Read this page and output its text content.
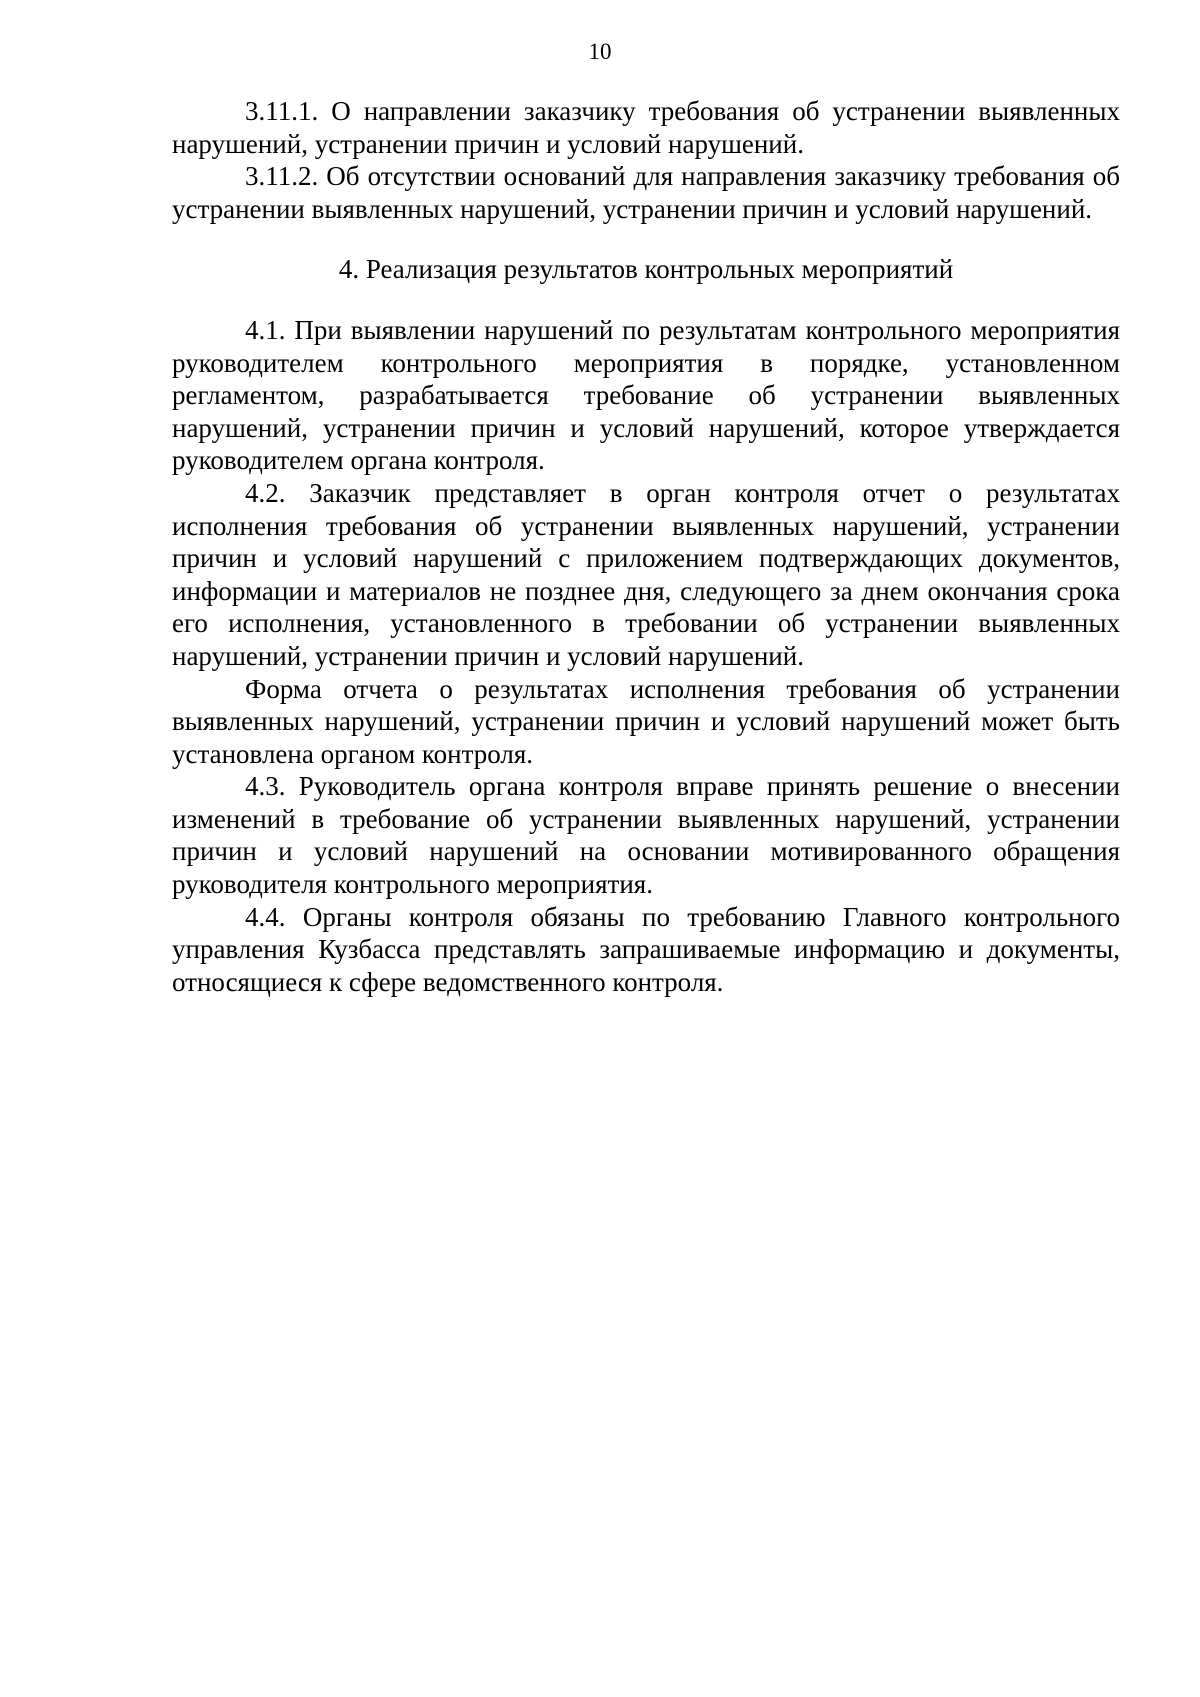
10

3.11.1. О направлении заказчику требования об устранении выявленных нарушений, устранении причин и условий нарушений.

3.11.2. Об отсутствии оснований для направления заказчику требования об устранении выявленных нарушений, устранении причин и условий нарушений.

4. Реализация результатов контрольных мероприятий

4.1. При выявлении нарушений по результатам контрольного мероприятия руководителем контрольного мероприятия в порядке, установленном регламентом, разрабатывается требование об устранении выявленных нарушений, устранении причин и условий нарушений, которое утверждается руководителем органа контроля.

4.2. Заказчик представляет в орган контроля отчет о результатах исполнения требования об устранении выявленных нарушений, устранении причин и условий нарушений с приложением подтверждающих документов, информации и материалов не позднее дня, следующего за днем окончания срока его исполнения, установленного в требовании об устранении выявленных нарушений, устранении причин и условий нарушений.

Форма отчета о результатах исполнения требования об устранении выявленных нарушений, устранении причин и условий нарушений может быть установлена органом контроля.

4.3. Руководитель органа контроля вправе принять решение о внесении изменений в требование об устранении выявленных нарушений, устранении причин и условий нарушений на основании мотивированного обращения руководителя контрольного мероприятия.

4.4. Органы контроля обязаны по требованию Главного контрольного управления Кузбасса представлять запрашиваемые информацию и документы, относящиеся к сфере ведомственного контроля.
